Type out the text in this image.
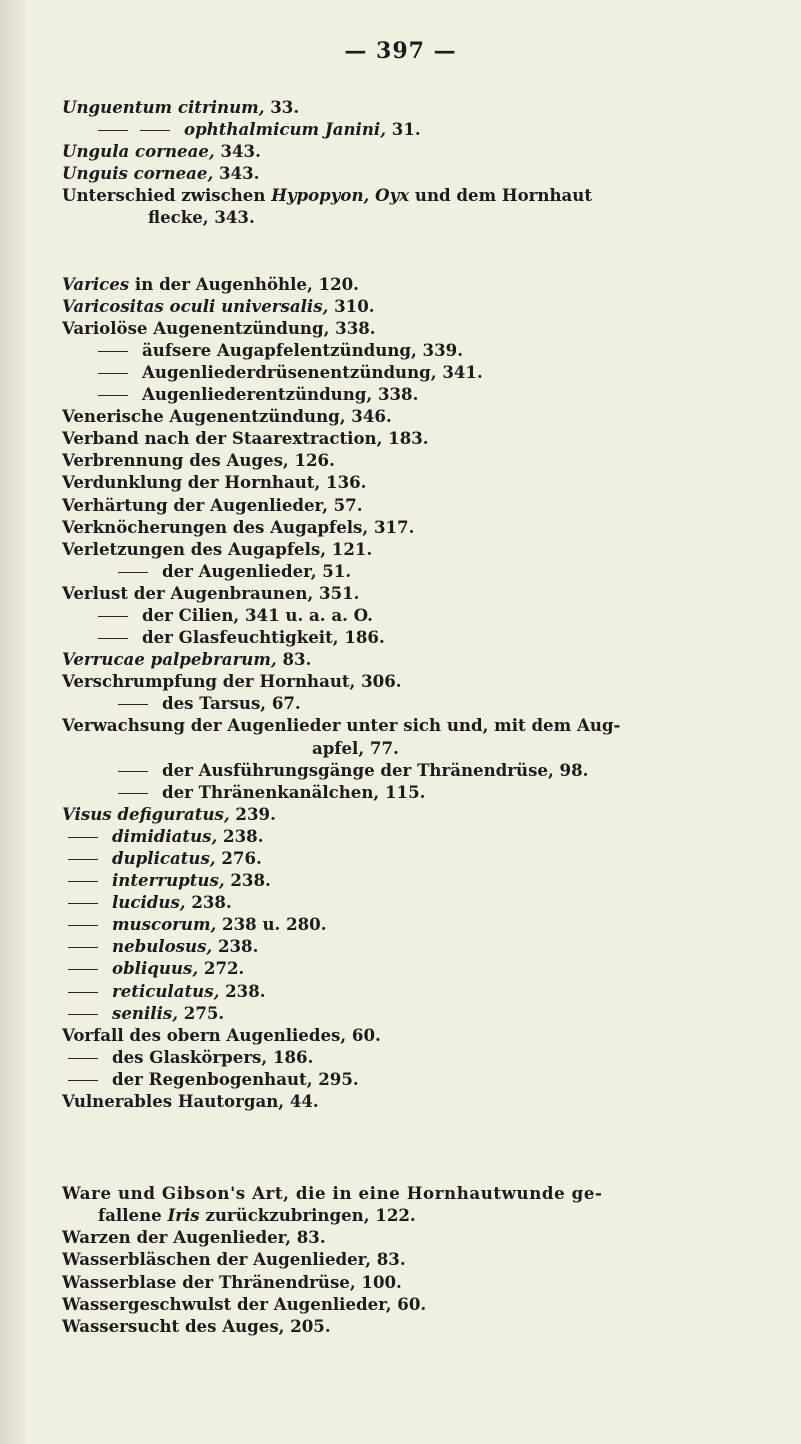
— 397 —
Unguentum citrinum, 33.
ophthalmicum Janini, 31.
Ungula corneae, 343.
Unguis corneae, 343.
Unterschied zwischen Hypopyon, Oyx und dem Hornhaut
flecke, 343.
Varices in der Augenhöhle, 120.
Varicositas oculi universalis, 310.
Variolöse Augenentzündung, 338.
äufsere Augapfelentzündung, 339.
Augenliederdrüsenentzündung, 341.
Augenliederentzündung, 338.
Venerische Augenentzündung, 346.
Verband nach der Staarextraction, 183.
Verbrennung des Auges, 126.
Verdunklung der Hornhaut, 136.
Verhärtung der Augenlieder, 57.
Verknöcherungen des Augapfels, 317.
Verletzungen des Augapfels, 121.
der Augenlieder, 51.
Verlust der Augenbraunen, 351.
der Cilien, 341 u. a. a. O.
der Glasfeuchtigkeit, 186.
Verrucae palpebrarum, 83.
Verschrumpfung der Hornhaut, 306.
des Tarsus, 67.
Verwachsung der Augenlieder unter sich und, mit dem Aug-
apfel, 77.
der Ausführungsgänge der Thränendrüse, 98.
der Thränenkanälchen, 115.
Visus defiguratus, 239.
dimidiatus, 238.
duplicatus, 276.
interruptus, 238.
lucidus, 238.
muscorum, 238 u. 280.
nebulosus, 238.
obliquus, 272.
reticulatus, 238.
senilis, 275.
Vorfall des obern Augenliedes, 60.
des Glaskörpers, 186.
der Regenbogenhaut, 295.
Vulnerables Hautorgan, 44.
Ware und Gibson's Art, die in eine Hornhautwunde ge-
fallene Iris zurückzubringen, 122.
Warzen der Augenlieder, 83.
Wasserbläschen der Augenlieder, 83.
Wasserblase der Thränendrüse, 100.
Wassergeschwulst der Augenlieder, 60.
Wassersucht des Auges, 205.
